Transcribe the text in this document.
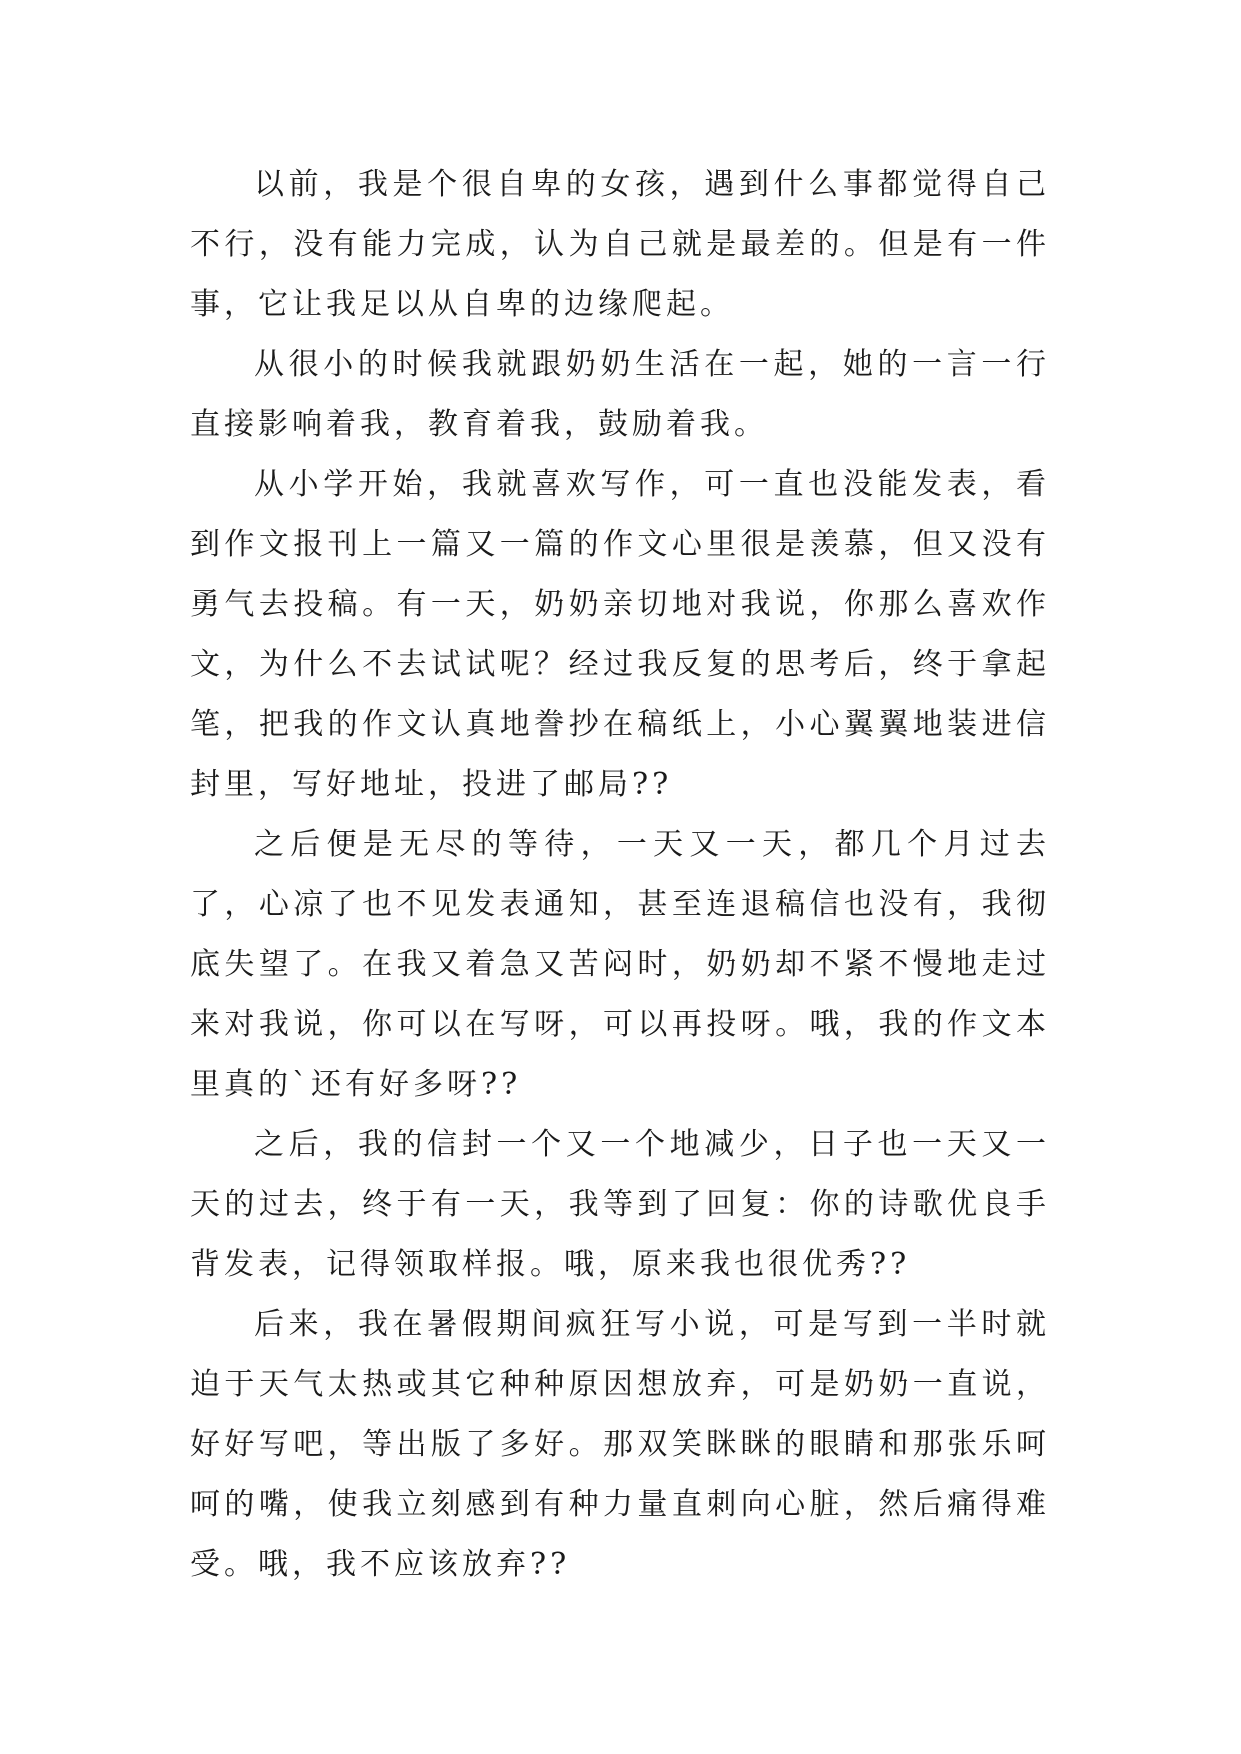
以前，我是个很自卑的女孩，遇到什么事都觉得自己不行，没有能力完成，认为自己就是最差的。但是有一件事，它让我足以从自卑的边缘爬起。

从很小的时候我就跟奶奶生活在一起，她的一言一行直接影响着我，教育着我，鼓励着我。

从小学开始，我就喜欢写作，可一直也没能发表，看到作文报刊上一篇又一篇的作文心里很是羡慕，但又没有勇气去投稿。有一天，奶奶亲切地对我说，你那么喜欢作文，为什么不去试试呢？经过我反复的思考后，终于拿起笔，把我的作文认真地誊抄在稿纸上，小心翼翼地装进信封里，写好地址，投进了邮局??

之后便是无尽的等待，一天又一天，都几个月过去了，心凉了也不见发表通知，甚至连退稿信也没有，我彻底失望了。在我又着急又苦闷时，奶奶却不紧不慢地走过来对我说，你可以在写呀，可以再投呀。哦，我的作文本里真的`还有好多呀??

之后，我的信封一个又一个地减少，日子也一天又一天的过去，终于有一天，我等到了回复：你的诗歌优良手背发表，记得领取样报。哦，原来我也很优秀??

后来，我在暑假期间疯狂写小说，可是写到一半时就迫于天气太热或其它种种原因想放弃，可是奶奶一直说，好好写吧，等出版了多好。那双笑眯眯的眼睛和那张乐呵呵的嘴，使我立刻感到有种力量直刺向心脏，然后痛得难受。哦，我不应该放弃??
